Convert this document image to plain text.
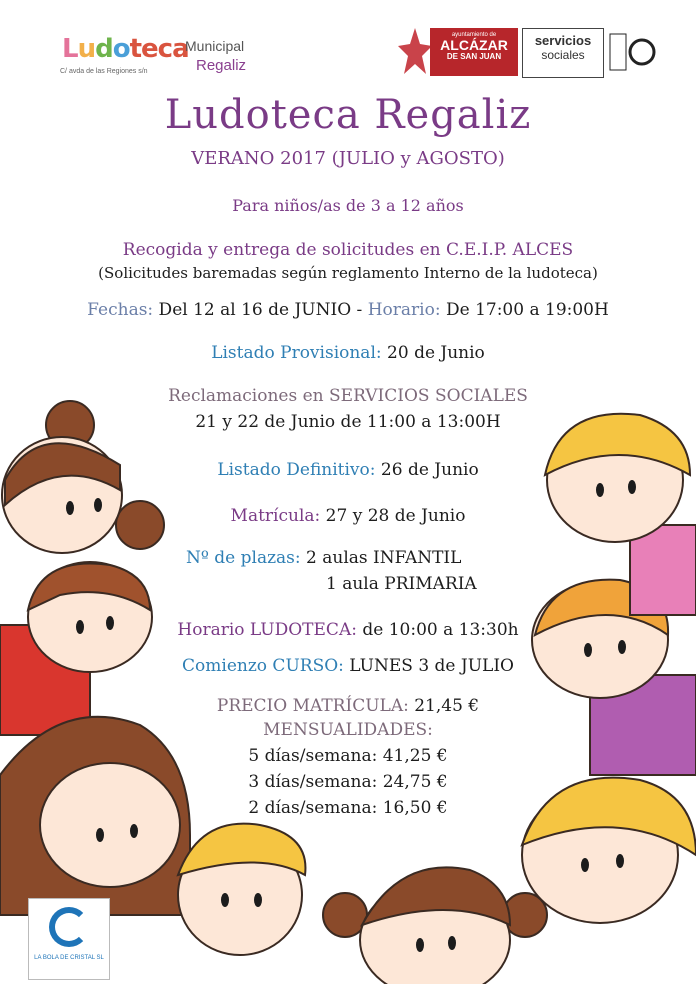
Ludoteca
Municipal
Regaliz
C/ avda de las Regiones s/n
ayuntamiento de
ALCÁZAR
DE SAN JUAN
servicios
sociales
Ludoteca Regaliz
VERANO 2017 (JULIO y AGOSTO)
Para niños/as de 3 a 12 años
Recogida y entrega de solicitudes en C.E.I.P. ALCES
(Solicitudes baremadas según reglamento Interno de la ludoteca)
Fechas: Del 12 al 16 de JUNIO - Horario: De 17:00 a 19:00H
Listado Provisional: 20 de Junio
Reclamaciones en SERVICIOS SOCIALES
21 y 22 de Junio de 11:00 a 13:00H
Listado Definitivo: 26 de Junio
Matrícula: 27 y 28 de Junio
Nº de plazas: 2 aulas INFANTIL
1 aula PRIMARIA
Horario LUDOTECA: de 10:00 a 13:30h
Comienzo CURSO: LUNES 3 de JULIO
PRECIO MATRÍCULA: 21,45 €
MENSUALIDADES:
5 días/semana: 41,25 €
3 días/semana: 24,75 €
2 días/semana: 16,50 €
LA BOLA DE CRISTAL SL
